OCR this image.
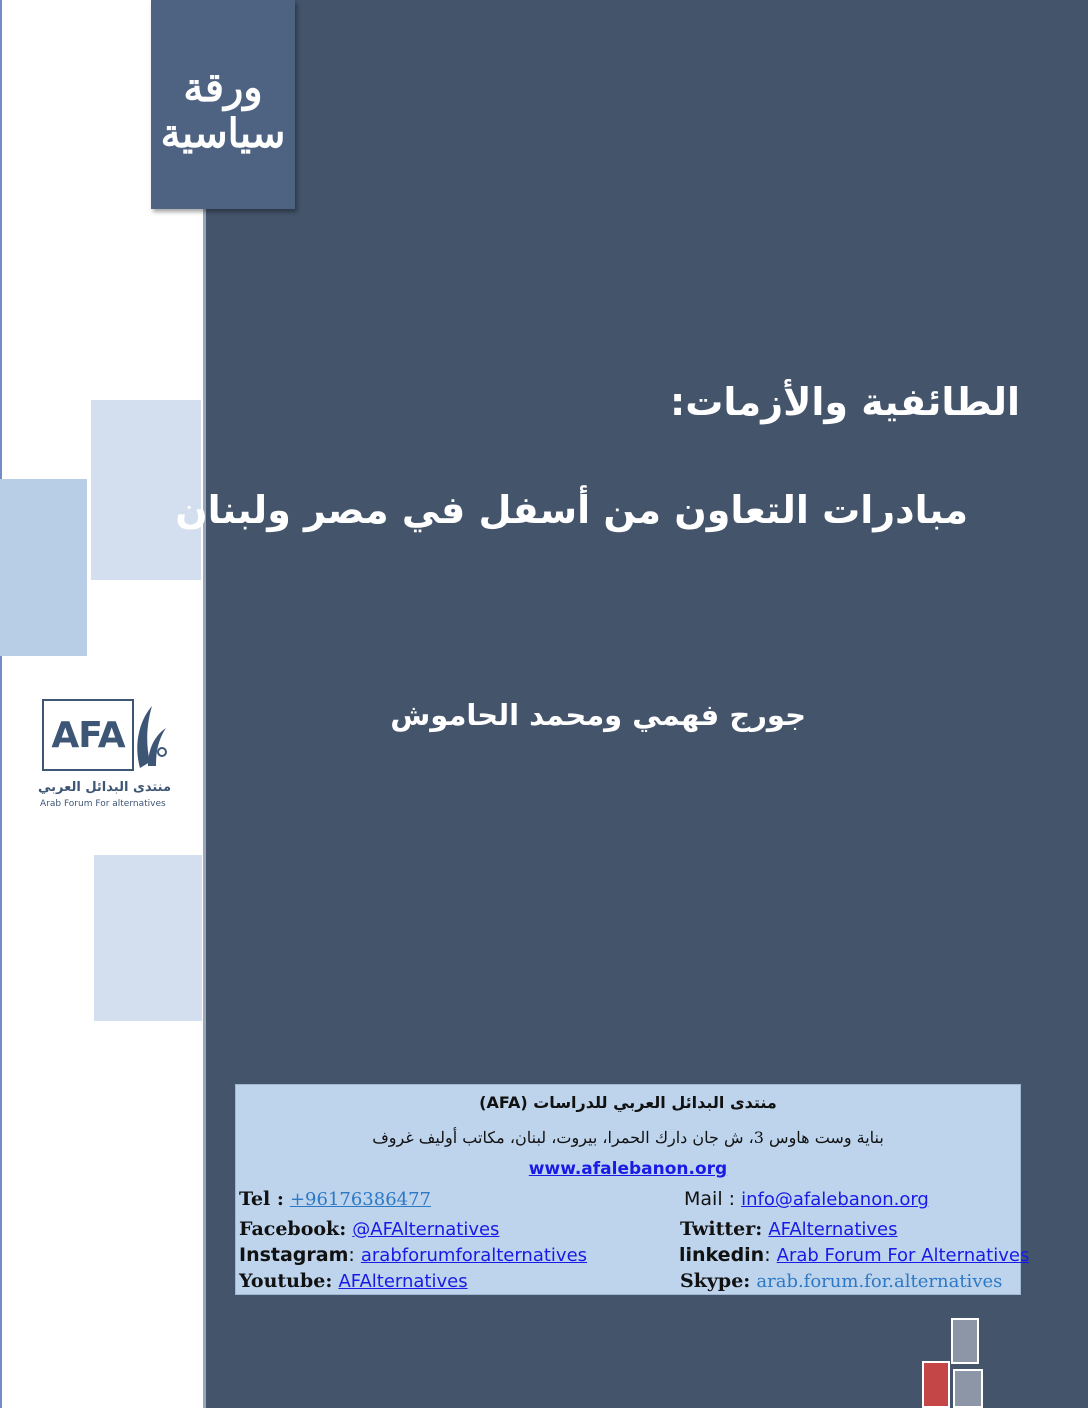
ورقة
سياسية
AFA
منتدى البدائل العربي
Arab Forum For alternatives
الطائفية والأزمات:
مبادرات التعاون من أسفل في مصر ولبنان
جورج فهمي ومحمد الحاموش
منتدى البدائل العربي للدراسات (AFA)
بناية وست هاوس 3، ش جان دارك الحمرا، بيروت، لبنان، مكاتب أوليف غروف
www.afalebanon.org
Tel : +96176386477	Mail : info@afalebanon.org
Facebook: @AFAlternatives	Twitter: AFAlternatives
Instagram: arabforumforalternatives	linkedin: Arab Forum For Alternatives
Youtube: AFAlternatives	Skype: arab.forum.for.alternatives
